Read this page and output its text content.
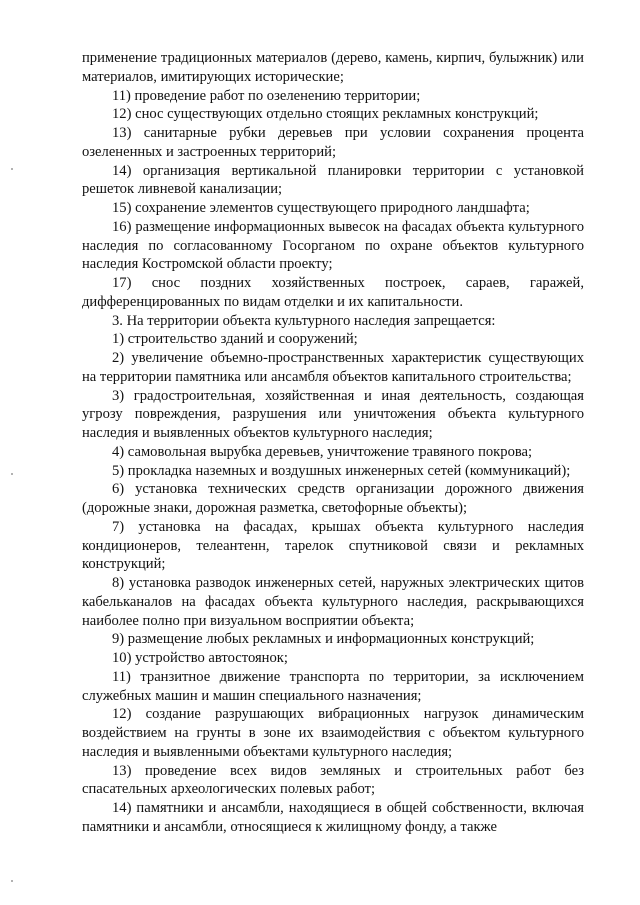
применение традиционных материалов (дерево, камень, кирпич, булыжник) или материалов, имитирующих исторические;

11) проведение работ по озеленению территории;

12) снос существующих отдельно стоящих рекламных конструкций;

13) санитарные рубки деревьев при условии сохранения процента озелененных и застроенных территорий;

14) организация вертикальной планировки территории с установкой решеток ливневой канализации;

15) сохранение элементов существующего природного ландшафта;

16) размещение информационных вывесок на фасадах объекта культурного наследия по согласованному Госорганом по охране объектов культурного наследия Костромской области проекту;

17) снос поздних хозяйственных построек, сараев, гаражей, дифференцированных по видам отделки и их капитальности.

3. На территории объекта культурного наследия запрещается:

1) строительство зданий и сооружений;

2) увеличение объемно-пространственных характеристик существующих на территории памятника или ансамбля объектов капитального строительства;

3) градостроительная, хозяйственная и иная деятельность, создающая угрозу повреждения, разрушения или уничтожения объекта культурного наследия и выявленных объектов культурного наследия;

4) самовольная вырубка деревьев, уничтожение травяного покрова;

5) прокладка наземных и воздушных инженерных сетей (коммуникаций);

6) установка технических средств организации дорожного движения (дорожные знаки, дорожная разметка, светофорные объекты);

7) установка на фасадах, крышах объекта культурного наследия кондиционеров, телеантенн, тарелок спутниковой связи и рекламных конструкций;

8) установка разводок инженерных сетей, наружных электрических щитов кабельканалов на фасадах объекта культурного наследия, раскрывающихся наиболее полно при визуальном восприятии объекта;

9) размещение любых рекламных и информационных конструкций;

10) устройство автостоянок;

11) транзитное движение транспорта по территории, за исключением служебных машин и машин специального назначения;

12) создание разрушающих вибрационных нагрузок динамическим воздействием на грунты в зоне их взаимодействия с объектом культурного наследия и выявленными объектами культурного наследия;

13) проведение всех видов земляных и строительных работ без спасательных археологических полевых работ;

14) памятники и ансамбли, находящиеся в общей собственности, включая памятники и ансамбли, относящиеся к жилищному фонду, а также
